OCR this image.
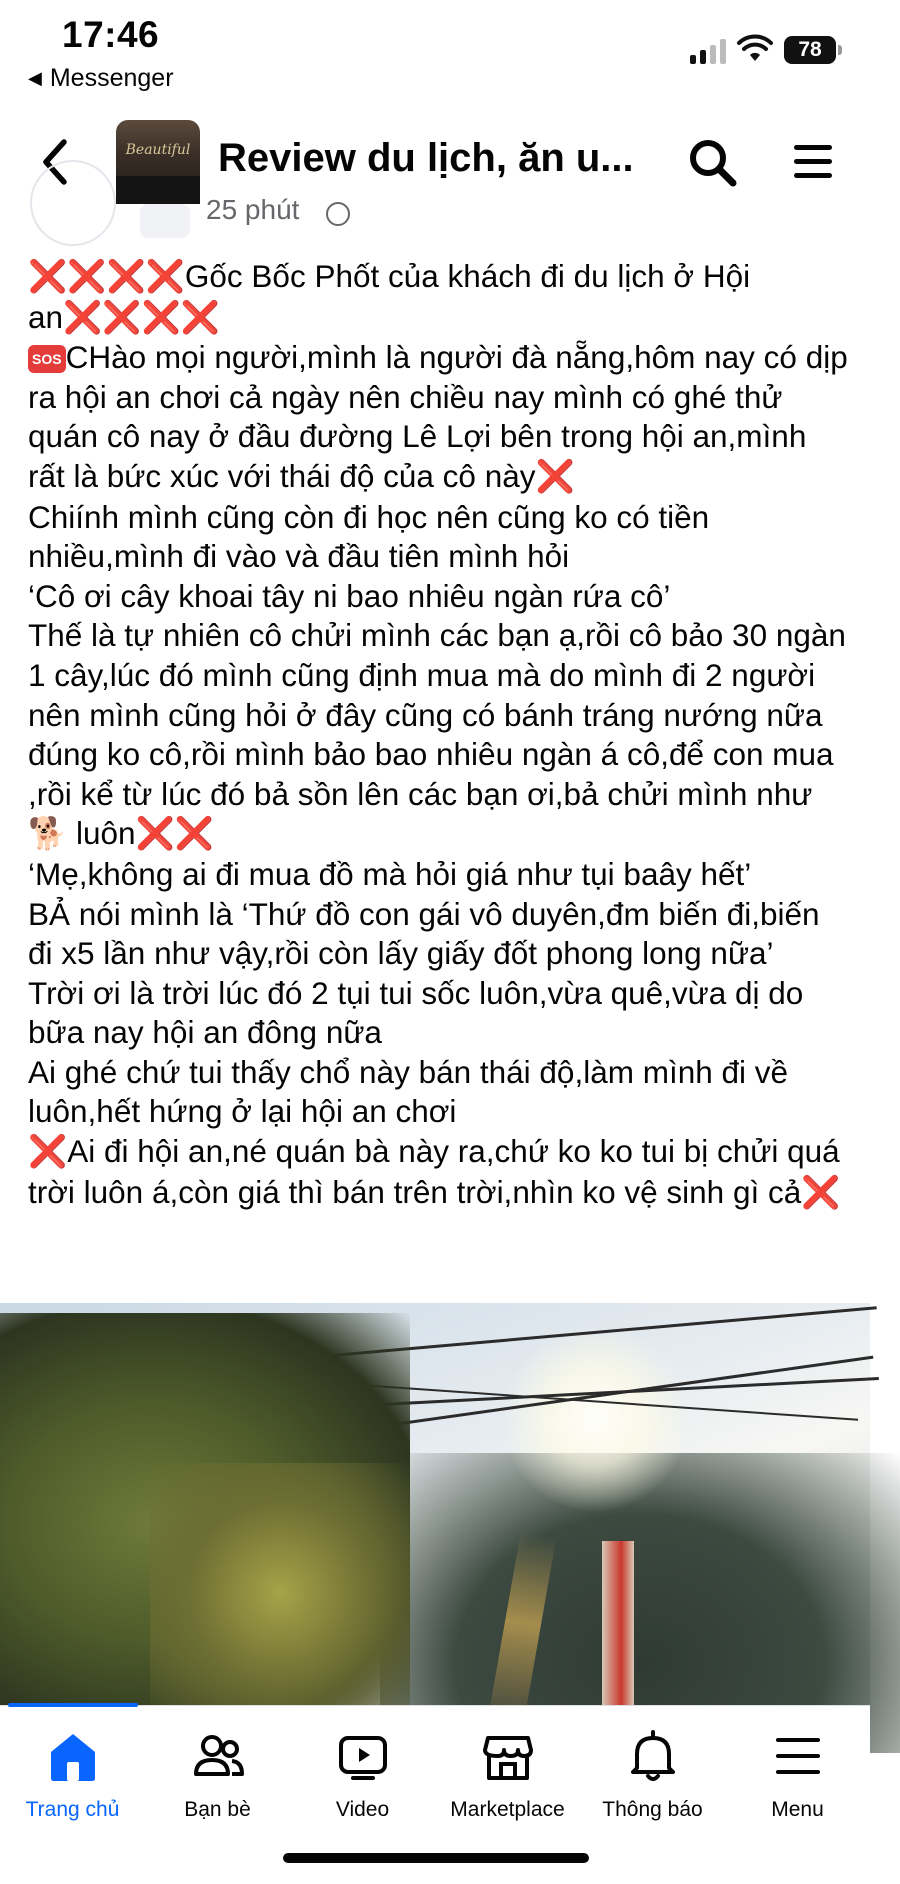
17:46
◀ Messenger
78
Beautiful Review du lịch, ăn u...
25 phút

❌❌❌❌Gốc Bốc Phốt của khách đi du lịch ở Hội an❌❌❌❌

SOS CHào mọi người,mình là người đà nẵng,hôm nay có dịp ra hội an chơi cả ngày nên chiều nay mình có ghé thử quán cô nay ở đầu đường Lê Lợi bên trong hội an,mình rất là bức xúc với thái độ của cô này❌

Chiính mình cũng còn đi học nên cũng ko có tiền nhiều,mình đi vào và đầu tiên mình hỏi

‘Cô ơi cây khoai tây ni bao nhiêu ngàn rứa cô’

Thế là tự nhiên cô chửi mình các bạn ạ,rồi cô bảo 30 ngàn 1 cây,lúc đó mình cũng định mua mà do mình đi 2 người nên mình cũng hỏi ở đây cũng có bánh tráng nướng nữa đúng ko cô,rồi mình bảo bao nhiêu ngàn á cô,để con mua ,rồi kể từ lúc đó bả sồn lên các bạn ơi,bả chửi mình như 🐕 luôn❌❌

‘Mẹ,không ai đi mua đồ mà hỏi giá như tụi baây hết’

BẢ nói mình là ‘Thứ đồ con gái vô duyên,đm biến đi,biến đi x5 lần như vậy,rồi còn lấy giấy đốt phong long nữa’

Trời ơi là trời lúc đó 2 tụi tui sốc luôn,vừa quê,vừa dị do bữa nay hội an đông nữa

Ai ghé chứ tui thấy chổ này bán thái độ,làm mình đi về luôn,hết hứng ở lại hội an chơi

❌Ai đi hội an,né quán bà này ra,chứ ko ko tui bị chửi quá trời luôn á,còn giá thì bán trên trời,nhìn ko vệ sinh gì cả❌

Trang chủ	Bạn bè	Video	Marketplace Thông báo	Menu
